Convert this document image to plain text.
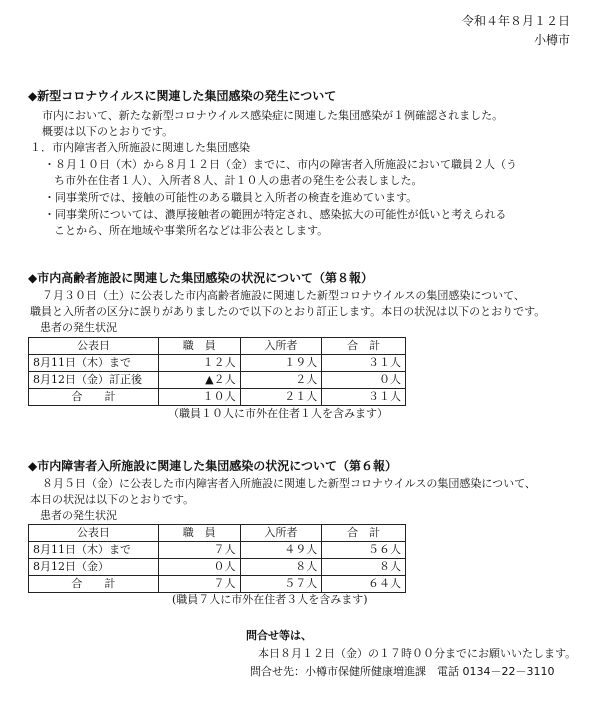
令和４年８月１２日
小樽市
◆新型コロナウイルスに関連した集団感染の発生について
市内において、新たな新型コロナウイルス感染症に関連した集団感染が１例確認されました。
概要は以下のとおりです。
１．市内障害者入所施設に関連した集団感染
・８月１０日（木）から８月１２日（金）までに、市内の障害者入所施設において職員２人（う
ち市外在住者１人）、入所者８人、計１０人の患者の発生を公表しました。
・同事業所では、接触の可能性のある職員と入所者の検査を進めています。
・同事業所については、濃厚接触者の範囲が特定され、感染拡大の可能性が低いと考えられる
ことから、所在地域や事業所名などは非公表とします。
◆市内高齢者施設に関連した集団感染の状況について（第８報）
７月３０日（土）に公表した市内高齢者施設に関連した新型コロナウイルスの集団感染について、
職員と入所者の区分に誤りがありましたので以下のとおり訂正します。本日の状況は以下のとおりです。
患者の発生状況
公表日	職　員	入所者	合　計
8月11日（木）まで	１２人	１９人	３１人
8月12日（金）訂正後	▲２人	２人	０人
合　　計	１０人	２１人	３１人
（職員１０人に市外在住者１人を含みます）
◆市内障害者入所施設に関連した集団感染の状況について（第６報）
８月５日（金）に公表した市内障害者入所施設に関連した新型コロナウイルスの集団感染について、
本日の状況は以下のとおりです。
患者の発生状況
公表日	職　員	入所者	合　計
8月11日（木）まで	７人	４９人	５６人
8月12日（金）	０人	８人	８人
合　　計	７人	５７人	６４人
(職員７人に市外在住者３人を含みます)
問合せ等は、
本日８月１２日（金）の１７時００分までにお願いいたします。
問合せ先：小樽市保健所健康増進課　電話 0134－22－3110
